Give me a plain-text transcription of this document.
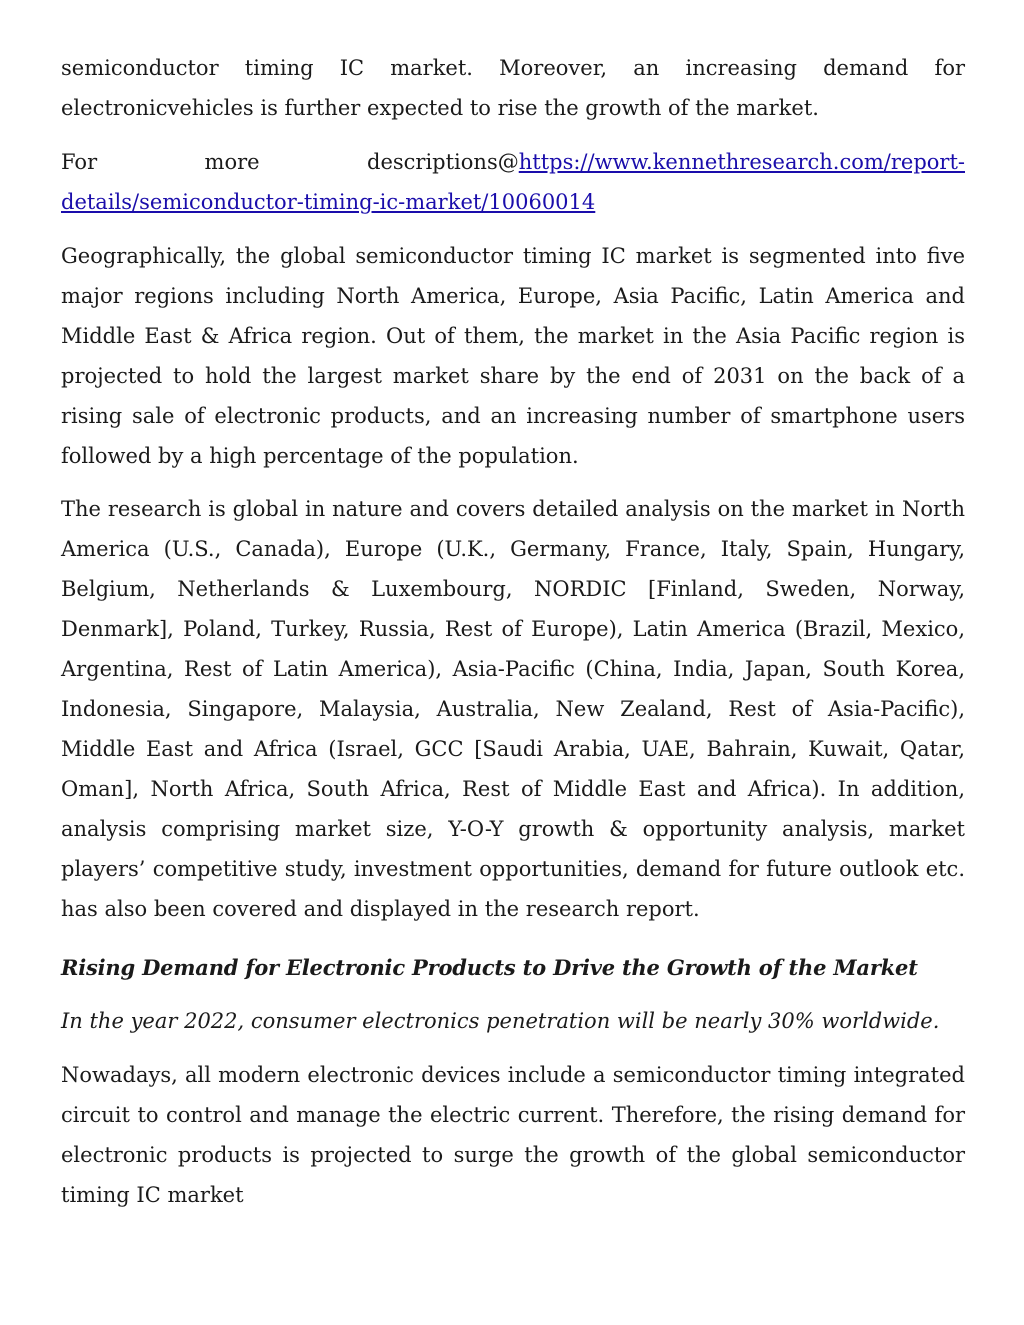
semiconductor timing IC market. Moreover, an increasing demand for electronicvehicles is further expected to rise the growth of the market.

For	more	descriptions@https://www.kennethresearch.com/report-
details/semiconductor-timing-ic-market/10060014

Geographically, the global semiconductor timing IC market is segmented into five major regions including North America, Europe, Asia Pacific, Latin America and Middle East & Africa region. Out of them, the market in the Asia Pacific region is projected to hold the largest market share by the end of 2031 on the back of a rising sale of electronic products, and an increasing number of smartphone users followed by a high percentage of the population.

The research is global in nature and covers detailed analysis on the market in North America (U.S., Canada), Europe (U.K., Germany, France, Italy, Spain, Hungary, Belgium, Netherlands & Luxembourg, NORDIC [Finland, Sweden, Norway, Denmark], Poland, Turkey, Russia, Rest of Europe), Latin America (Brazil, Mexico, Argentina, Rest of Latin America), Asia-Pacific (China, India, Japan, South Korea, Indonesia, Singapore, Malaysia, Australia, New Zealand, Rest of Asia-Pacific), Middle East and Africa (Israel, GCC [Saudi Arabia, UAE, Bahrain, Kuwait, Qatar, Oman], North Africa, South Africa, Rest of Middle East and Africa). In addition, analysis comprising market size, Y-O-Y growth & opportunity analysis, market players’ competitive study, investment opportunities, demand for future outlook etc. has also been covered and displayed in the research report.

Rising Demand for Electronic Products to Drive the Growth of the Market

In the year 2022, consumer electronics penetration will be nearly 30% worldwide.

Nowadays, all modern electronic devices include a semiconductor timing integrated circuit to control and manage the electric current. Therefore, the rising demand for electronic products is projected to surge the growth of the global semiconductor timing IC market
